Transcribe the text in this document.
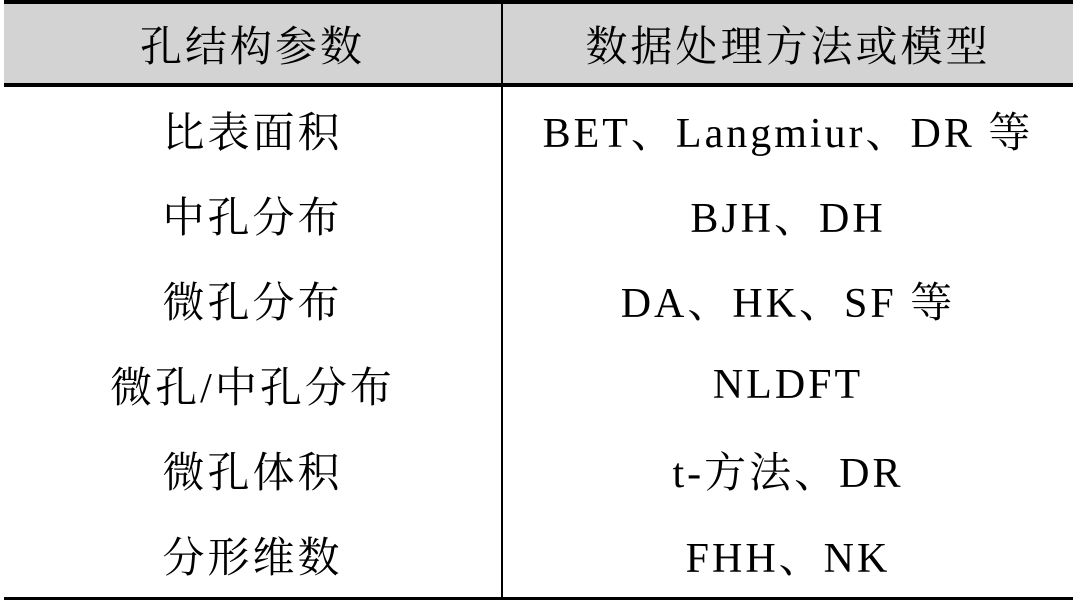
孔结构参数	数据处理方法或模型
比表面积	BET、Langmiur、DR 等
中孔分布	BJH、DH
微孔分布	DA、HK、SF 等
微孔/中孔分布	NLDFT
微孔体积	t-方法、DR
分形维数	FHH、NK
